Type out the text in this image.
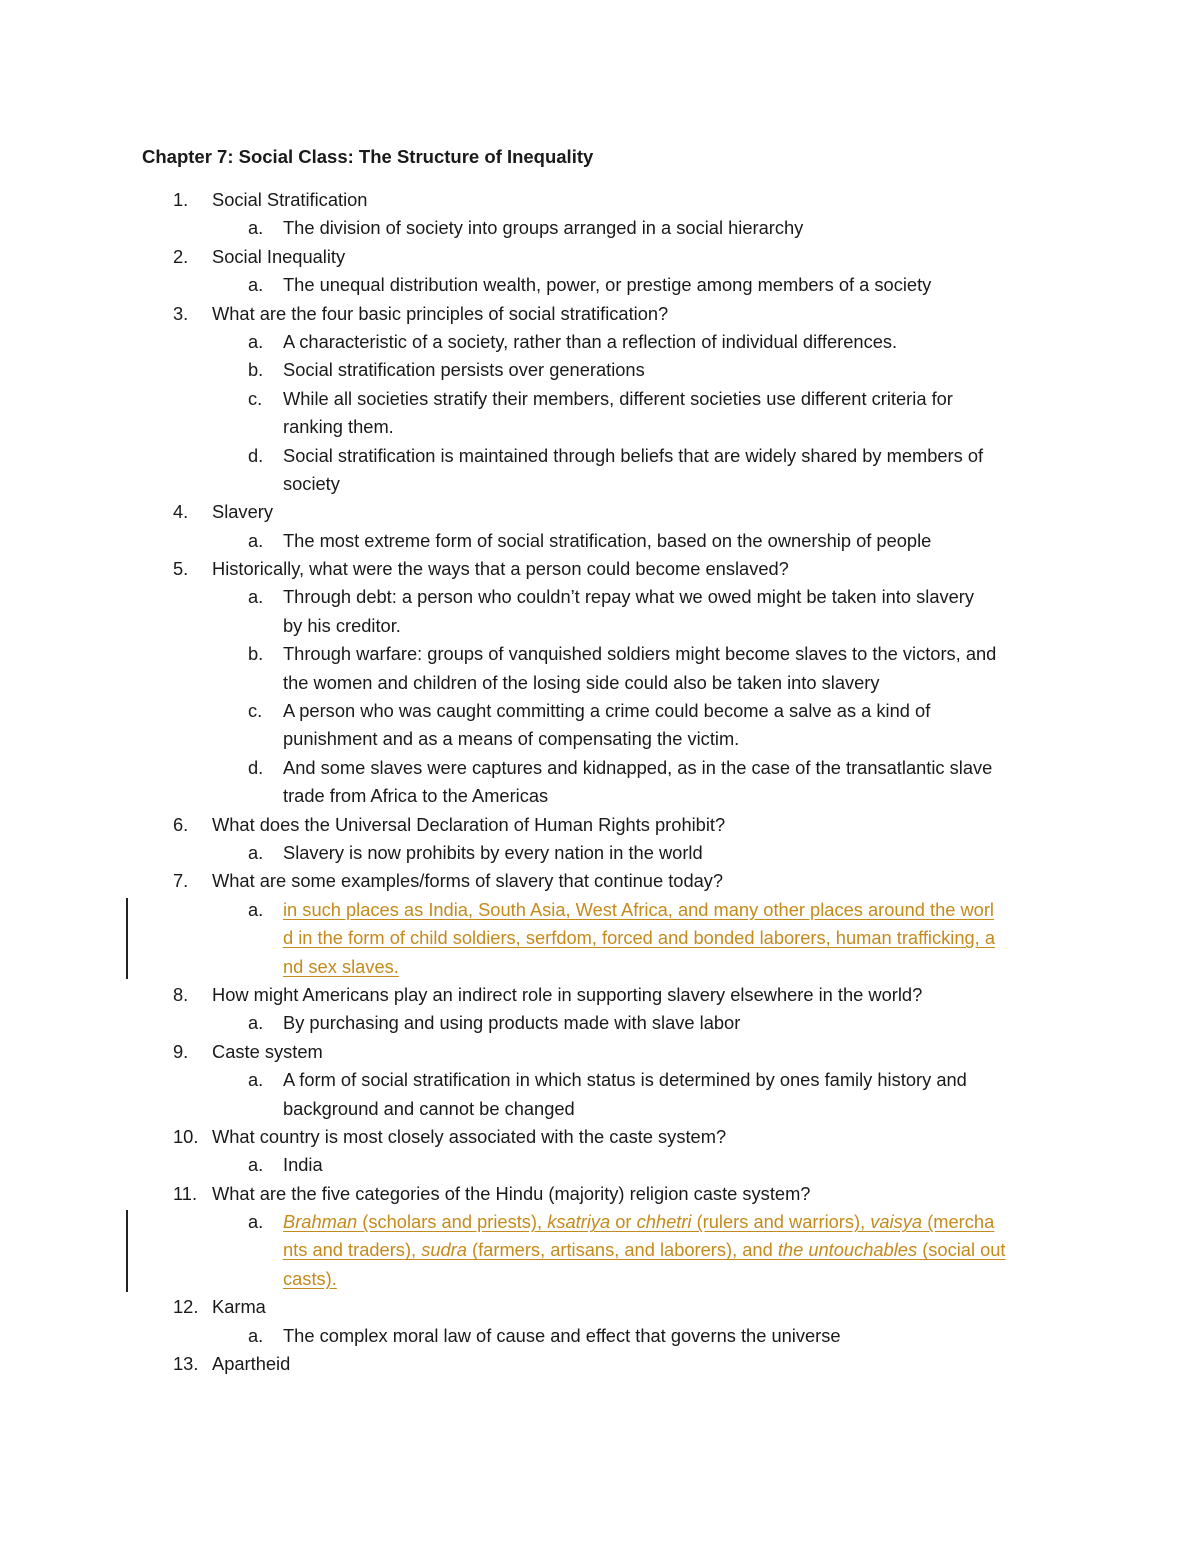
Chapter 7: Social Class: The Structure of Inequality
1.	Social Stratification
a.	The division of society into groups arranged in a social hierarchy
2.	Social Inequality
a.	The unequal distribution wealth, power, or prestige among members of a society
3.	What are the four basic principles of social stratification?
a.	A characteristic of a society, rather than a reflection of individual differences.
b.	Social stratification persists over generations
c.	While all societies stratify their members, different societies use different criteria for
ranking them.
d.	Social stratification is maintained through beliefs that are widely shared by members of
society
4.	Slavery
a.	The most extreme form of social stratification, based on the ownership of people
5.	Historically, what were the ways that a person could become enslaved?
a.	Through debt: a person who couldn’t repay what we owed might be taken into slavery
by his creditor.
b.	Through warfare: groups of vanquished soldiers might become slaves to the victors, and
the women and children of the losing side could also be taken into slavery
c.	A person who was caught committing a crime could become a salve as a kind of
punishment and as a means of compensating the victim.
d.	And some slaves were captures and kidnapped, as in the case of the transatlantic slave
trade from Africa to the Americas
6.	What does the Universal Declaration of Human Rights prohibit?
a.	Slavery is now prohibits by every nation in the world
7.	What are some examples/forms of slavery that continue today?
a.	in such places as India, South Asia, West Africa, and many other places around the worl
d in the form of child soldiers, serfdom, forced and bonded laborers, human trafficking, a
nd sex slaves.
8.	How might Americans play an indirect role in supporting slavery elsewhere in the world?
a.	By purchasing and using products made with slave labor
9.	Caste system
a.	A form of social stratification in which status is determined by ones family history and
background and cannot be changed
10. What country is most closely associated with the caste system?
a.	India
11. What are the five categories of the Hindu (majority) religion caste system?
a.	Brahman (scholars and priests), ksatriya or chhetri (rulers and warriors), vaisya (mercha
nts and traders), sudra (farmers, artisans, and laborers), and the untouchables (social out
casts).
12. Karma
a.	The complex moral law of cause and effect that governs the universe
13. Apartheid
